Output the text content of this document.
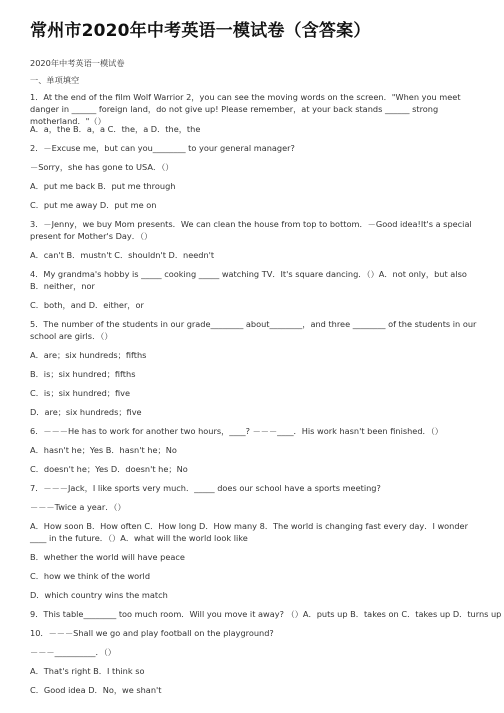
常州市2020年中考英语一模试卷（含答案）
2020年中考英语一模试卷
一、单项填空
1．At the end of the film Wolf Warrior 2，you can see the moving words on the screen．"When you meet danger in ______ foreign land，do not give up! Please remember，at your back stands ______ strong motherland．"（）
A．a，the B．a，a C．the，a D．the，the
2．－Excuse me，but can you________ to your general manager?
－Sorry，she has gone to USA．（）
A．put me back B．put me through
C．put me away D．put me on
3．－Jenny，we buy Mom presents．We can clean the house from top to bottom．－Good idea!It's a special present for Mother's Day．（）
A．can't B．mustn't C．shouldn't D．needn't
4．My grandma's hobby is _____ cooking _____ watching TV．It's square dancing．（）A．not only，but also B．neither，nor
C．both，and D．either，or
5．The number of the students in our grade________ about________，and three ________ of the students in our school are girls．（）
A．are；six hundreds；fifths
B．is；six hundred；fifths
C．is；six hundred；five
D．are；six hundreds；five
6．－－－He has to work for another two hours，____? －－－____．His work hasn't been finished．（）
A．hasn't he；Yes B．hasn't he；No
C．doesn't he；Yes D．doesn't he；No
7．－－－Jack，I like sports very much．_____ does our school have a sports meeting?
－－－Twice a year．（）
A．How soon B．How often C．How long D．How many 8．The world is changing fast every day．I wonder ____ in the future．（）A．what will the world look like
B．whether the world will have peace
C．how we think of the world
D．which country wins the match
9．This table________ too much room．Will you move it away? （）A．puts up B．takes on C．takes up D．turns up
10．－－－Shall we go and play football on the playground?
－－－__________．（）
A．That's right B．I think so
C．Good idea D．No，we shan't
